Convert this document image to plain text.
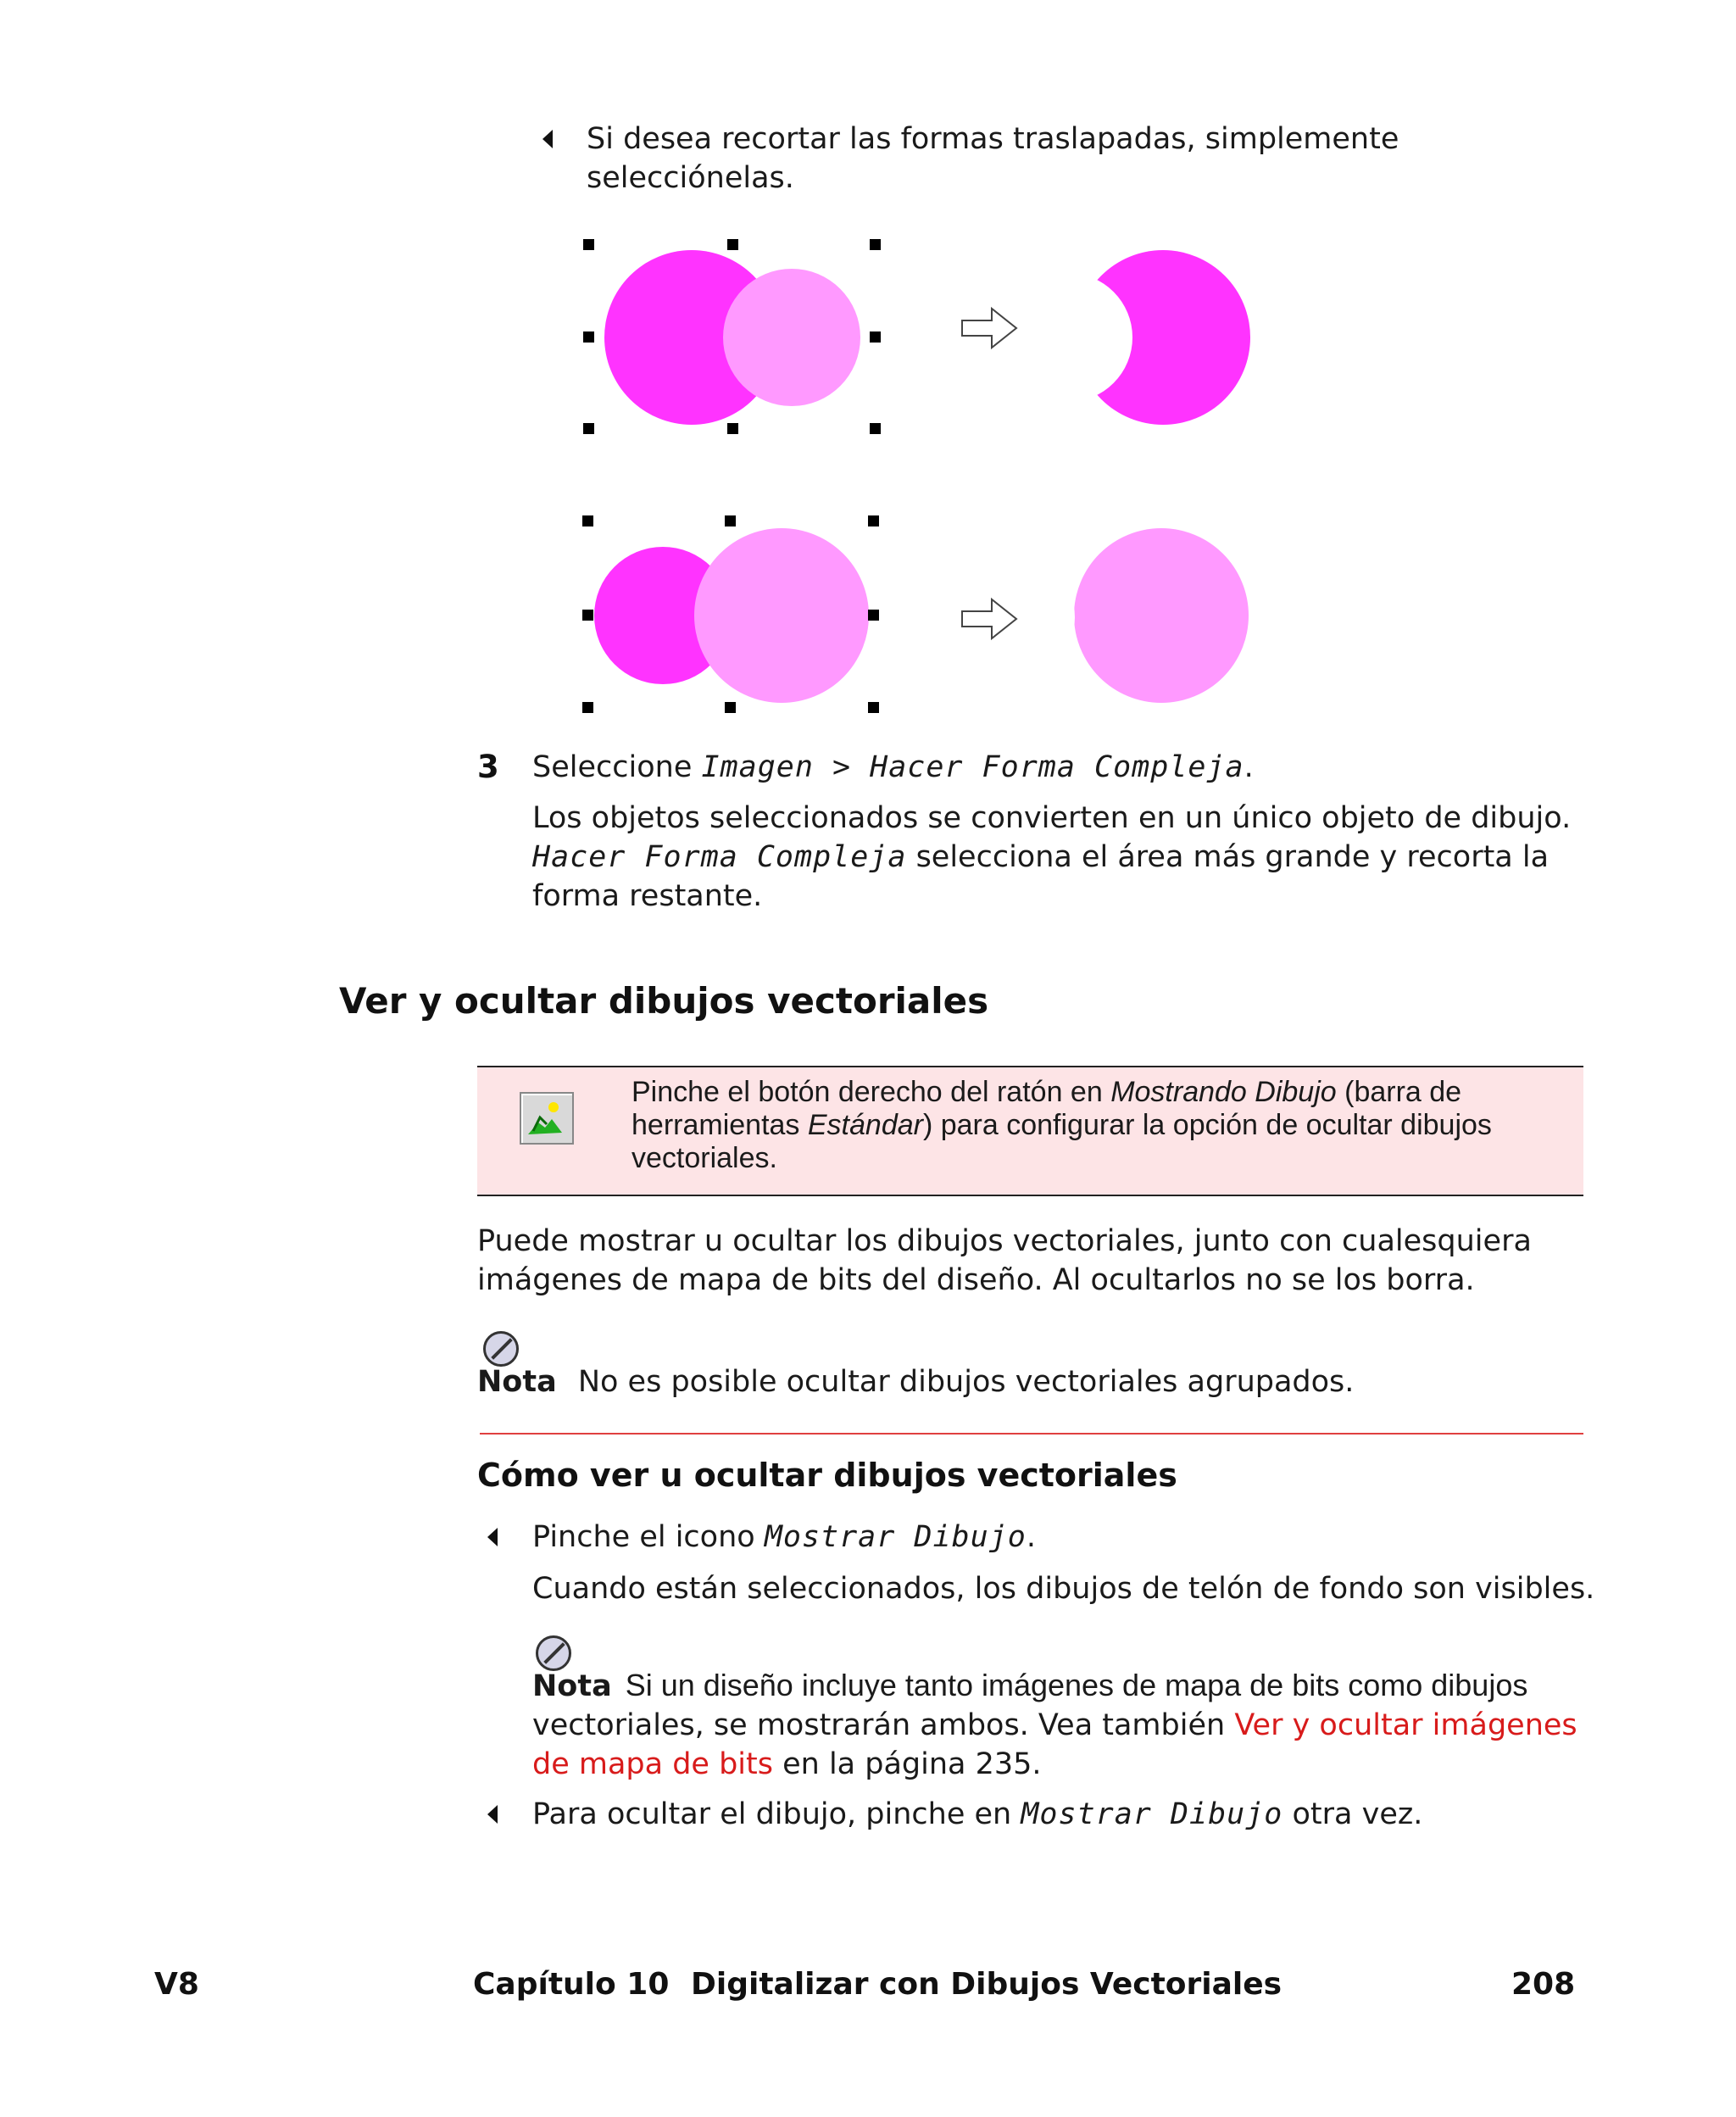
Si desea recortar las formas traslapadas, simplemente
selecciónelas.
3 Seleccione Imagen > Hacer Forma Compleja.
Los objetos seleccionados se convierten en un único objeto de dibujo.
Hacer Forma Compleja selecciona el área más grande y recorta la
forma restante.
Ver y ocultar dibujos vectoriales
Pinche el botón derecho del ratón en Mostrando Dibujo (barra de
herramientas Estándar) para configurar la opción de ocultar dibujos
vectoriales.
Puede mostrar u ocultar los dibujos vectoriales, junto con cualesquiera
imágenes de mapa de bits del diseño. Al ocultarlos no se los borra.
Nota No es posible ocultar dibujos vectoriales agrupados.
Cómo ver u ocultar dibujos vectoriales
Pinche el icono Mostrar Dibujo.
Cuando están seleccionados, los dibujos de telón de fondo son visibles.
Nota Si un diseño incluye tanto imágenes de mapa de bits como dibujos
vectoriales, se mostrarán ambos. Vea también Ver y ocultar imágenes
de mapa de bits en la página 235.
Para ocultar el dibujo, pinche en Mostrar Dibujo otra vez.
V8	Capítulo 10 Digitalizar con Dibujos Vectoriales	208
